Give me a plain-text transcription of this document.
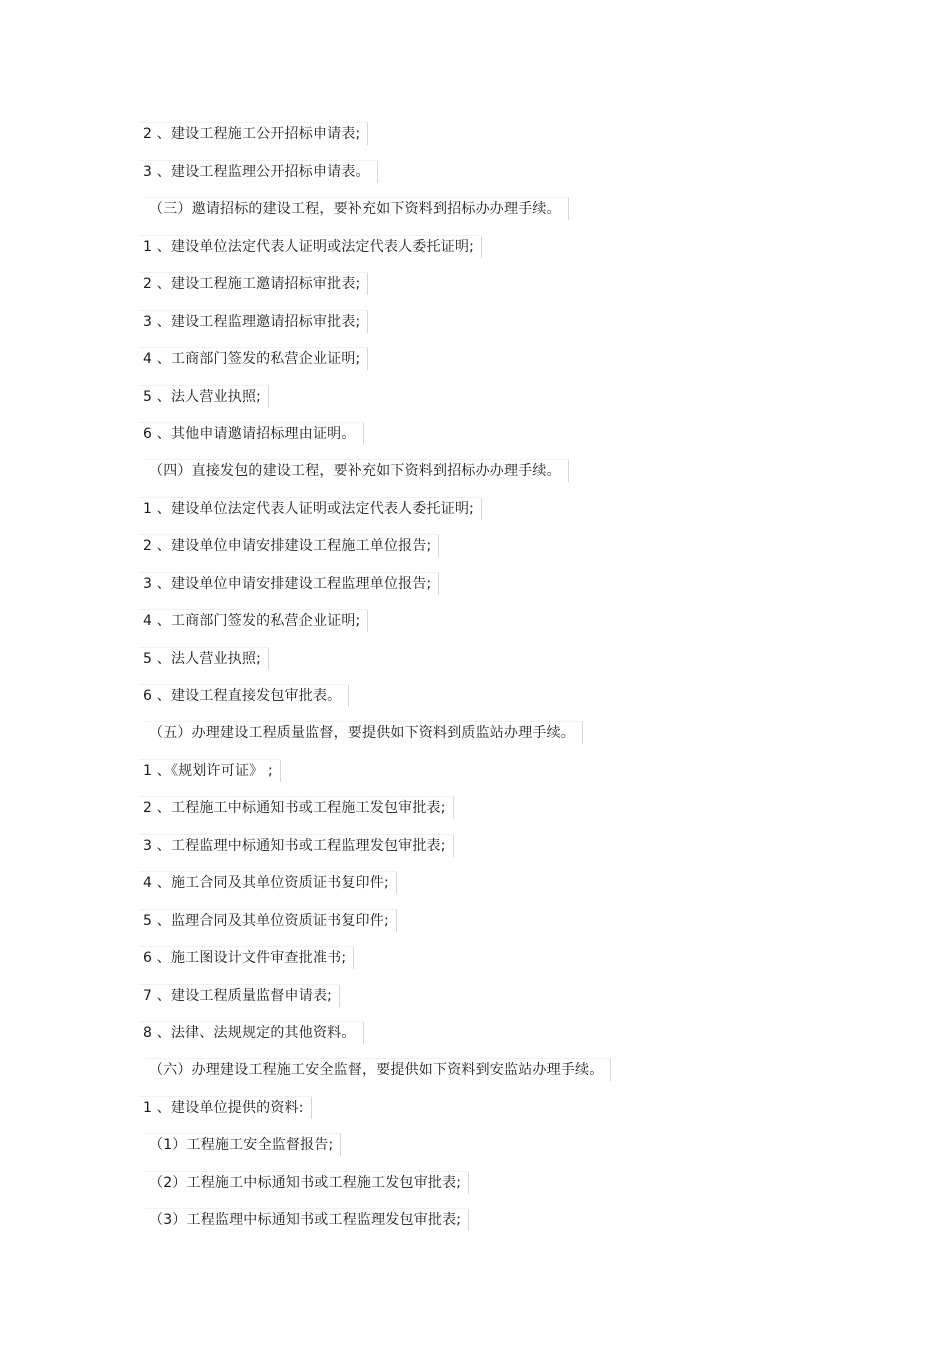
2 、建设工程施工公开招标申请表;
3 、建设工程监理公开招标申请表。
（三）邀请招标的建设工程，要补充如下资料到招标办办理手续。
1 、建设单位法定代表人证明或法定代表人委托证明;
2 、建设工程施工邀请招标审批表;
3 、建设工程监理邀请招标审批表;
4 、工商部门签发的私营企业证明;
5 、法人营业执照;
6 、其他申请邀请招标理由证明。
（四）直接发包的建设工程，要补充如下资料到招标办办理手续。
1 、建设单位法定代表人证明或法定代表人委托证明;
2 、建设单位申请安排建设工程施工单位报告;
3 、建设单位申请安排建设工程监理单位报告;
4 、工商部门签发的私营企业证明;
5 、法人营业执照;
6 、建设工程直接发包审批表。
（五）办理建设工程质量监督，要提供如下资料到质监站办理手续。
1 、《规划许可证》 ;
2 、工程施工中标通知书或工程施工发包审批表;
3 、工程监理中标通知书或工程监理发包审批表;
4 、施工合同及其单位资质证书复印件;
5 、监理合同及其单位资质证书复印件;
6 、施工图设计文件审查批准书;
7 、建设工程质量监督申请表;
8 、法律、法规规定的其他资料。
（六）办理建设工程施工安全监督，要提供如下资料到安监站办理手续。
1 、建设单位提供的资料:
（1）工程施工安全监督报告;
（2）工程施工中标通知书或工程施工发包审批表;
（3）工程监理中标通知书或工程监理发包审批表;
